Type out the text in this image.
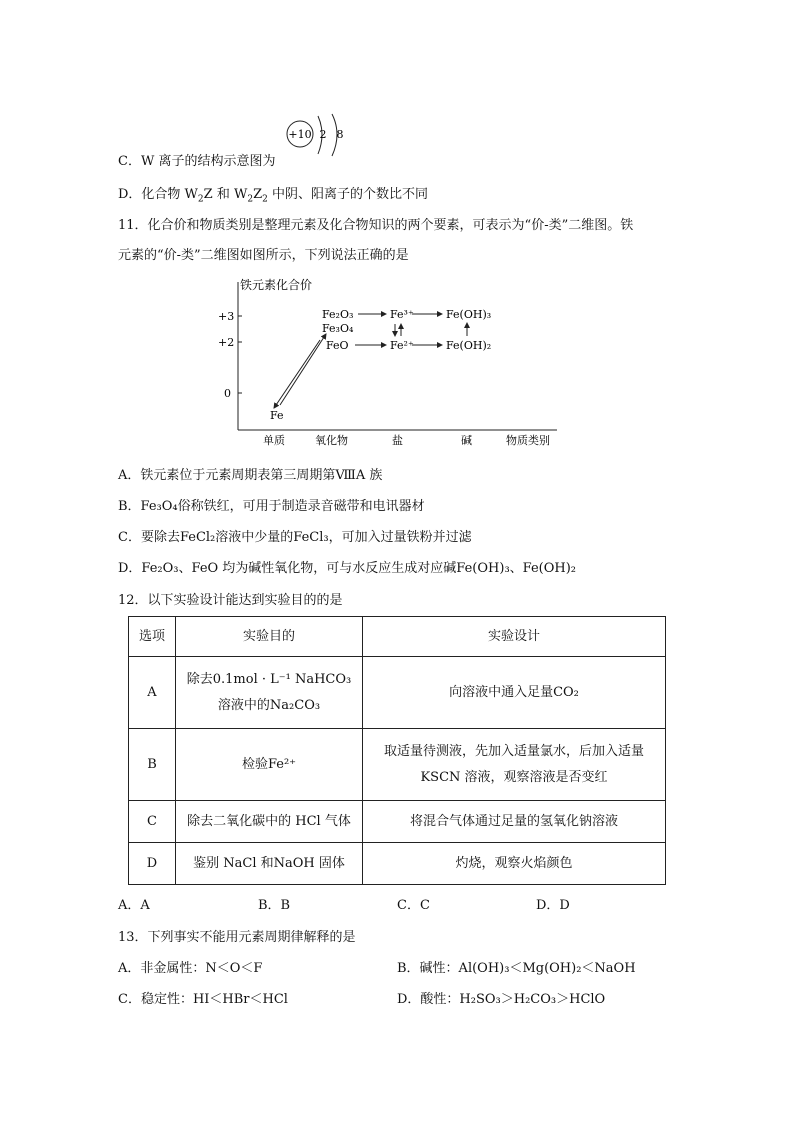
+10 2 8
C．W 离子的结构示意图为
D．化合物 $W_2Z$ 和 $W_2Z_2$ 中阴、阳离子的个数比不同
11．化合价和物质类别是整理元素及化合物知识的两个要素，可表示为“价-类”二维图。铁
元素的“价-类”二维图如图所示，下列说法正确的是
铁元素化合价
+3
+2
0
单质	氧化物	盐	碱	物质类别
Fe
Fe₂O₃
Fe₃O₄
FeO
Fe³⁺
Fe²⁺
Fe(OH)₃
Fe(OH)₂
A．铁元素位于元素周期表第三周期第ⅧA 族
B．Fe₃O₄俗称铁红，可用于制造录音磁带和电讯器材
C．要除去FeCl₂溶液中少量的FeCl₃，可加入过量铁粉并过滤
D．Fe₂O₃、FeO 均为碱性氧化物，可与水反应生成对应碱Fe(OH)₃、Fe(OH)₂
12．以下实验设计能达到实验目的的是
选项	实验目的	实验设计
A	除去0.1mol · L⁻¹ NaHCO₃
溶液中的Na₂CO₃	向溶液中通入足量CO₂

B	检验Fe²⁺	取适量待测液，先加入适量氯水，后加入适量
KSCN 溶液，观察溶液是否变红

C	除去二氧化碳中的 HCl 气体	将混合气体通过足量的氢氧化钠溶液

D	鉴别 NaCl 和NaOH 固体	灼烧，观察火焰颜色
A．A	B．B	C．C	D．D
13．下列事实不能用元素周期律解释的是
A．非金属性：N＜O＜F	B．碱性：Al(OH)₃＜Mg(OH)₂＜NaOH
C．稳定性：HI＜HBr＜HCl	D．酸性：H₂SO₃＞H₂CO₃＞HClO
